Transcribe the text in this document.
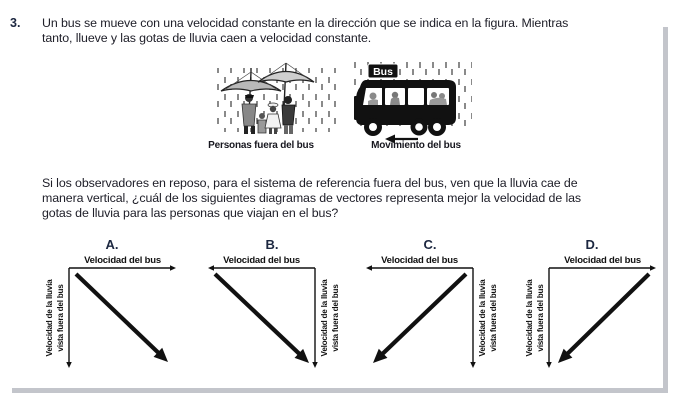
3. Un bus se mueve con una velocidad constante en la dirección que se indica en la figura. Mientras
tanto, llueve y las gotas de lluvia caen a velocidad constante.
Bus
Personas fuera del bus	Movimiento del bus
Si los observadores en reposo, para el sistema de referencia fuera del bus, ven que la lluvia cae de
manera vertical, ¿cuál de los siguientes diagramas de vectores representa mejor la velocidad de las
gotas de lluvia para las personas que viajan en el bus?
A.
Velocidad del bus
Velocidad de la lluvia vista fuera del bus
B.
Velocidad del bus
Velocidad de la lluvia vista fuera del bus
C.
Velocidad del bus
Velocidad de la lluvia vista fuera del bus
D.
Velocidad del bus
Velocidad de la lluvia vista fuera del bus
